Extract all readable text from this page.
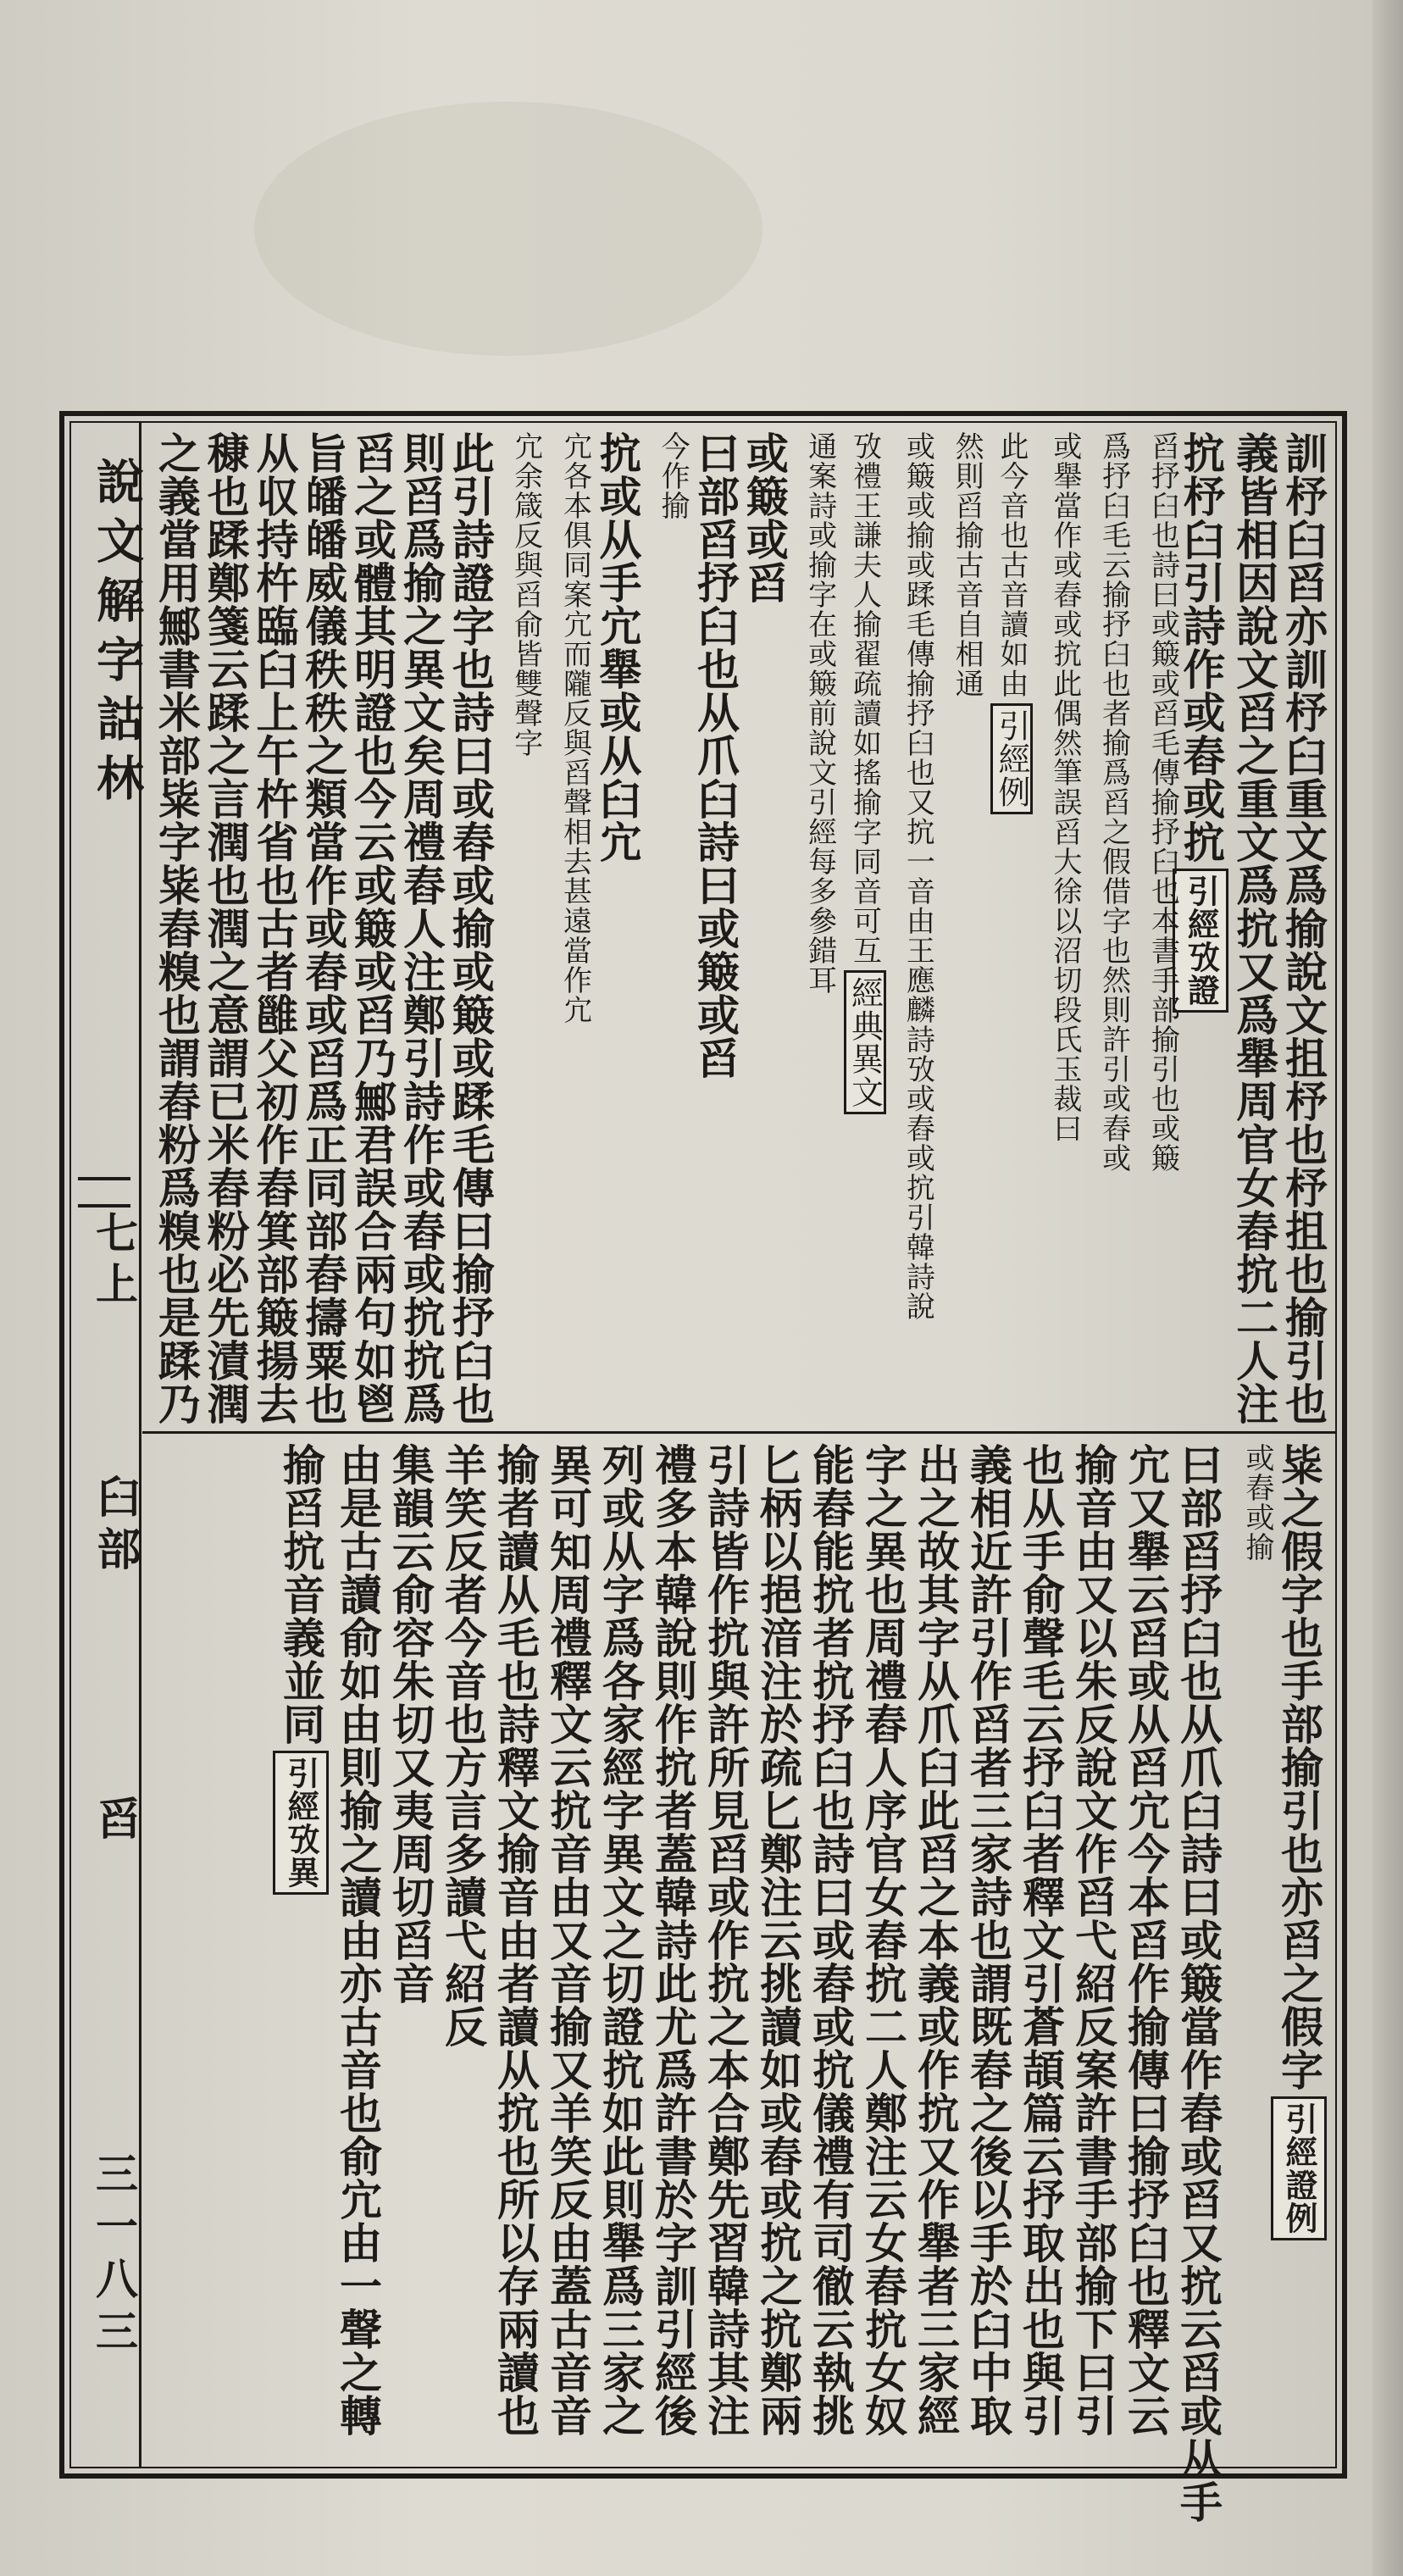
說文解字詁林
七上
臼部
舀
三一八三
訓杼臼舀亦訓杼臼重文爲揄說文抯杼也杼抯也揄引也
義皆相因說文舀之重文爲抭又爲𦦙周官女舂抭二人注
抭杼臼引詩作或舂或抭引經攷證
舀抒臼也詩曰或簸或舀毛傳揄抒臼也本書手部揄引也或簸
爲抒臼毛云揄抒臼也者揄爲舀之假借字也然則許引或舂或
或𦦙當作或舂或抭此偶然筆誤舀大徐以沼切段氏玉裁曰
此今音也古音讀如由引經例
然則舀揄古音自相通
或簸或揄或蹂毛傳揄抒臼也又抭一音由王應麟詩攷或舂或抭引韓詩說
攷禮王謙夫人揄翟疏讀如搖揄字同音可互經典異文
通案詩或揄字在或簸前說文引經每多參錯耳
或簸或舀
曰部舀抒臼也从爪臼詩曰或簸或舀
今作揄
抭或从手宂𦦙或从臼宂
宂各本俱同案宂而隴反與舀聲相去甚遠當作宂
宂余箴反與舀俞皆雙聲字
此引詩證字也詩曰或舂或揄或簸或蹂毛傳曰揄抒臼也
則舀爲揄之異文矣周禮舂人注鄭引詩作或舂或抭抭爲
舀之或體其明證也今云或簸或舀乃鄦君誤合兩句如鬯
旨皤皤威儀秩秩之類當作或舂或舀爲正同部舂擣粟也
从収持杵臨臼上午杵省也古者雝父初作舂箕部簸揚去
穅也蹂鄭箋云蹂之言潤也潤之意謂已米舂粉必先漬潤
之義當用鄦書米部粊字粊舂糗也謂舂粉爲糗也是蹂乃
粊之假字也手部揄引也亦舀之假字引經證例
或舂或揄
曰部舀抒臼也从爪臼詩曰或簸當作舂或舀又抭云舀或从手
宂又𦦙云舀或从舀宂今本舀作揄傳曰揄抒臼也釋文云
揄音由又以朱反說文作舀弋紹反案許書手部揄下曰引
也从手俞聲毛云抒臼者釋文引蒼頡篇云抒取出也與引
義相近許引作舀者三家詩也謂既舂之後以手於臼中取
出之故其字从爪臼此舀之本義或作抭又作𦦙者三家經
字之異也周禮舂人序官女舂抭二人鄭注云女舂抭女奴
能舂能抭者抭抒臼也詩曰或舂或抭儀禮有司徹云執挑
匕柄以挹湆注於疏匕鄭注云挑讀如或舂或抭之抭鄭兩
引詩皆作抭與許所見舀或作抭之本合鄭先習韓詩其注
禮多本韓說則作抭者蓋韓詩此尤爲許書於字訓引經後
列或从字爲各家經字異文之切證抭如此則𦦙爲三家之
異可知周禮釋文云抭音由又音揄又羊笑反由蓋古音音
揄者讀从毛也詩釋文揄音由者讀从抭也所以存兩讀也
羊笑反者今音也方言多讀弋紹反
集韻云俞容朱切又夷周切舀音
由是古讀俞如由則揄之讀由亦古音也俞宂由一聲之轉
揄舀抭音義並同引經攷異
